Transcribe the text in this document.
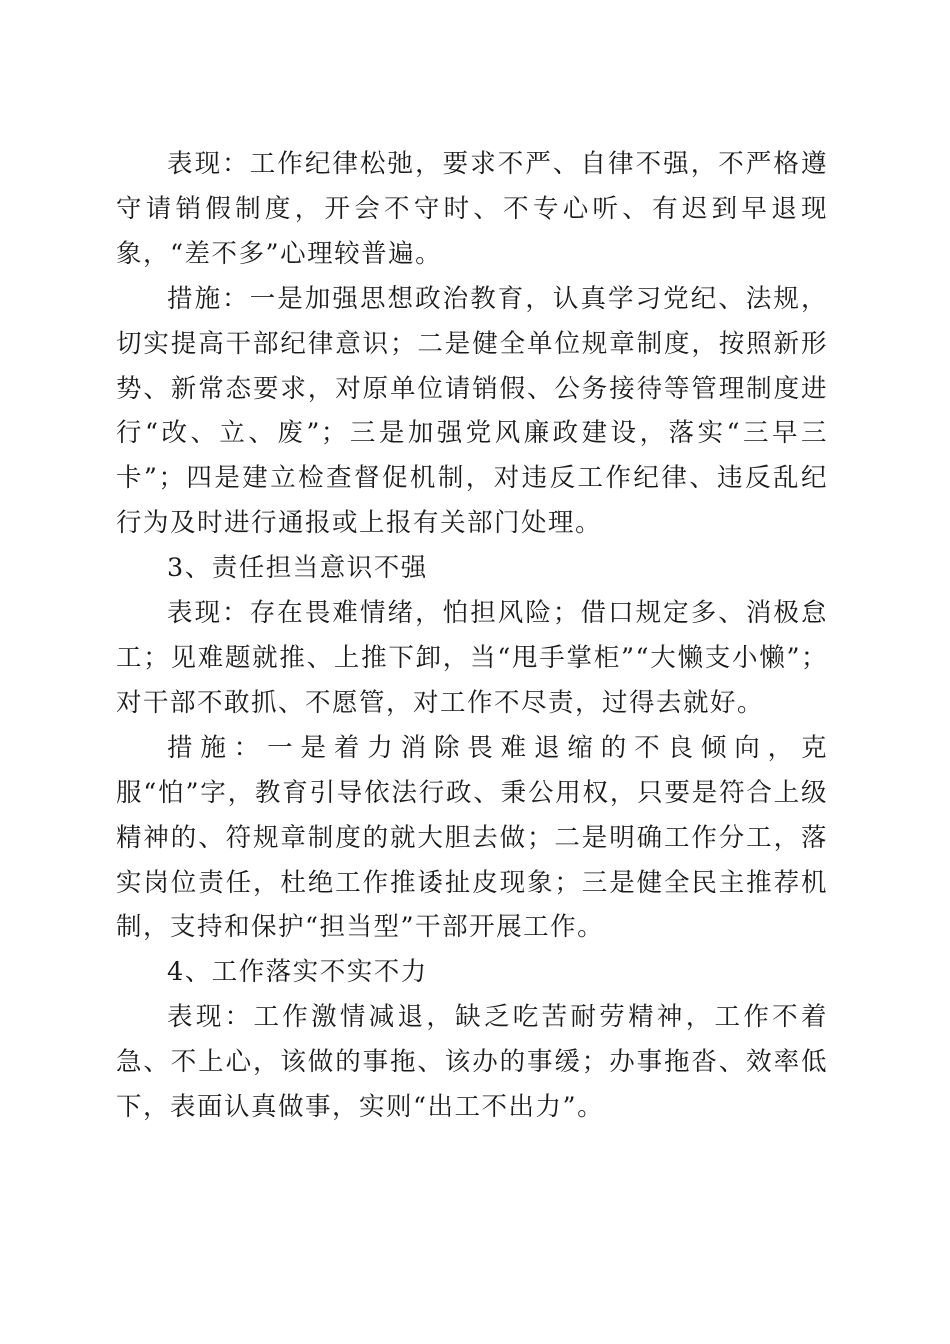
表现：工作纪律松弛，要求不严、自律不强，不严格遵守请销假制度，开会不守时、不专心听、有迟到早退现象，“差不多”心理较普遍。

措施：一是加强思想政治教育，认真学习党纪、法规，切实提高干部纪律意识；二是健全单位规章制度，按照新形势、新常态要求，对原单位请销假、公务接待等管理制度进行“改、立、废”；三是加强党风廉政建设，落实“三早三卡”；四是建立检查督促机制，对违反工作纪律、违反乱纪行为及时进行通报或上报有关部门处理。

3、责任担当意识不强

表现：存在畏难情绪，怕担风险；借口规定多、消极怠工；见难题就推、上推下卸，当“甩手掌柜”“大懒支小懒”；对干部不敢抓、不愿管，对工作不尽责，过得去就好。

措施：一是着力消除畏难退缩的不良倾向，克服“怕”字，教育引导依法行政、秉公用权，只要是符合上级精神的、符规章制度的就大胆去做；二是明确工作分工，落实岗位责任，杜绝工作推诿扯皮现象；三是健全民主推荐机制，支持和保护“担当型”干部开展工作。

4、工作落实不实不力

表现：工作激情减退，缺乏吃苦耐劳精神，工作不着急、不上心，该做的事拖、该办的事缓；办事拖沓、效率低下，表面认真做事，实则“出工不出力”。
